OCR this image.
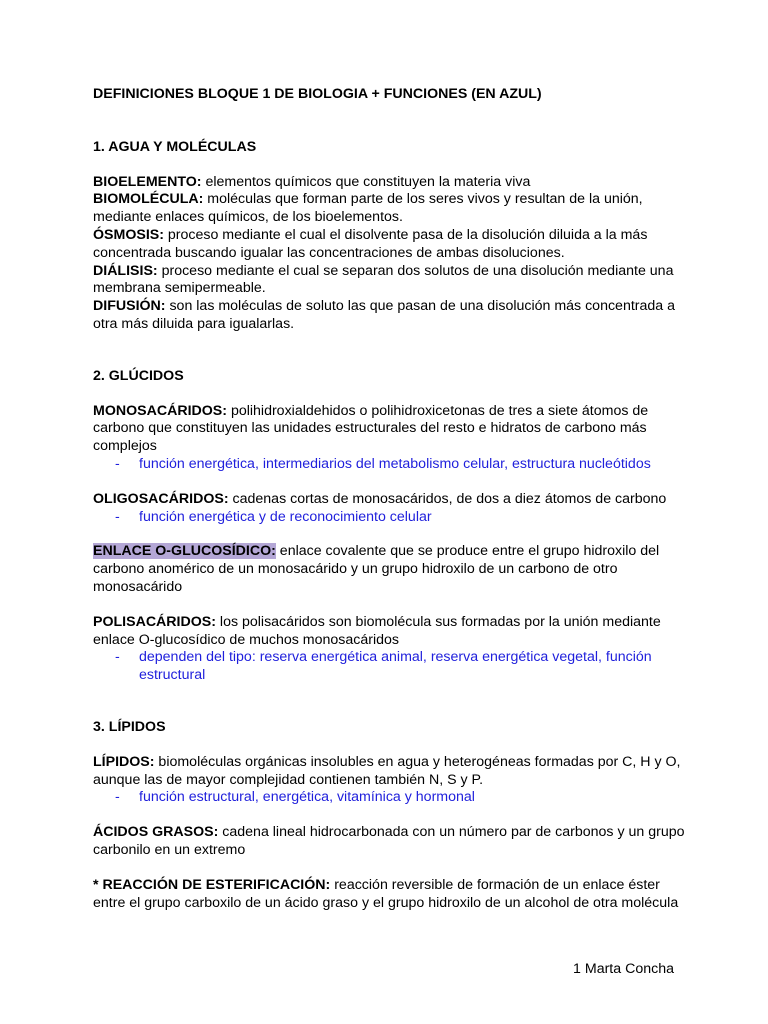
DEFINICIONES BLOQUE 1 DE BIOLOGIA + FUNCIONES (EN AZUL)

1. AGUA Y MOLÉCULAS

BIOELEMENTO: elementos químicos que constituyen la materia viva

BIOMOLÉCULA: moléculas que forman parte de los seres vivos y resultan de la unión, mediante enlaces químicos, de los bioelementos.

ÓSMOSIS: proceso mediante el cual el disolvente pasa de la disolución diluida a la más concentrada buscando igualar las concentraciones de ambas disoluciones.

DIÁLISIS: proceso mediante el cual se separan dos solutos de una disolución mediante una membrana semipermeable.

DIFUSIÓN: son las moléculas de soluto las que pasan de una disolución más concentrada a otra más diluida para igualarlas.

2. GLÚCIDOS

MONOSACÁRIDOS: polihidroxialdehidos o polihidroxicetonas de tres a siete átomos de carbono que constituyen las unidades estructurales del resto e hidratos de carbono más complejos

- función energética, intermediarios del metabolismo celular, estructura nucleótidos

OLIGOSACÁRIDOS: cadenas cortas de monosacáridos, de dos a diez átomos de carbono

- función energética y de reconocimiento celular

ENLACE O-GLUCOSÍDICO: enlace covalente que se produce entre el grupo hidroxilo del carbono anomérico de un monosacárido y un grupo hidroxilo de un carbono de otro monosacárido

POLISACÁRIDOS: los polisacáridos son biomolécula sus formadas por la unión mediante enlace O-glucosídico de muchos monosacáridos

- dependen del tipo: reserva energética animal, reserva energética vegetal, función estructural

3. LÍPIDOS

LÍPIDOS: biomoléculas orgánicas insolubles en agua y heterogéneas formadas por C, H y O, aunque las de mayor complejidad contienen también N, S y P.

- función estructural, energética, vitamínica y hormonal

ÁCIDOS GRASOS: cadena lineal hidrocarbonada con un número par de carbonos y un grupo carbonilo en un extremo

* REACCIÓN DE ESTERIFICACIÓN: reacción reversible de formación de un enlace éster entre el grupo carboxilo de un ácido graso y el grupo hidroxilo de un alcohol de otra molécula

1 Marta Concha
